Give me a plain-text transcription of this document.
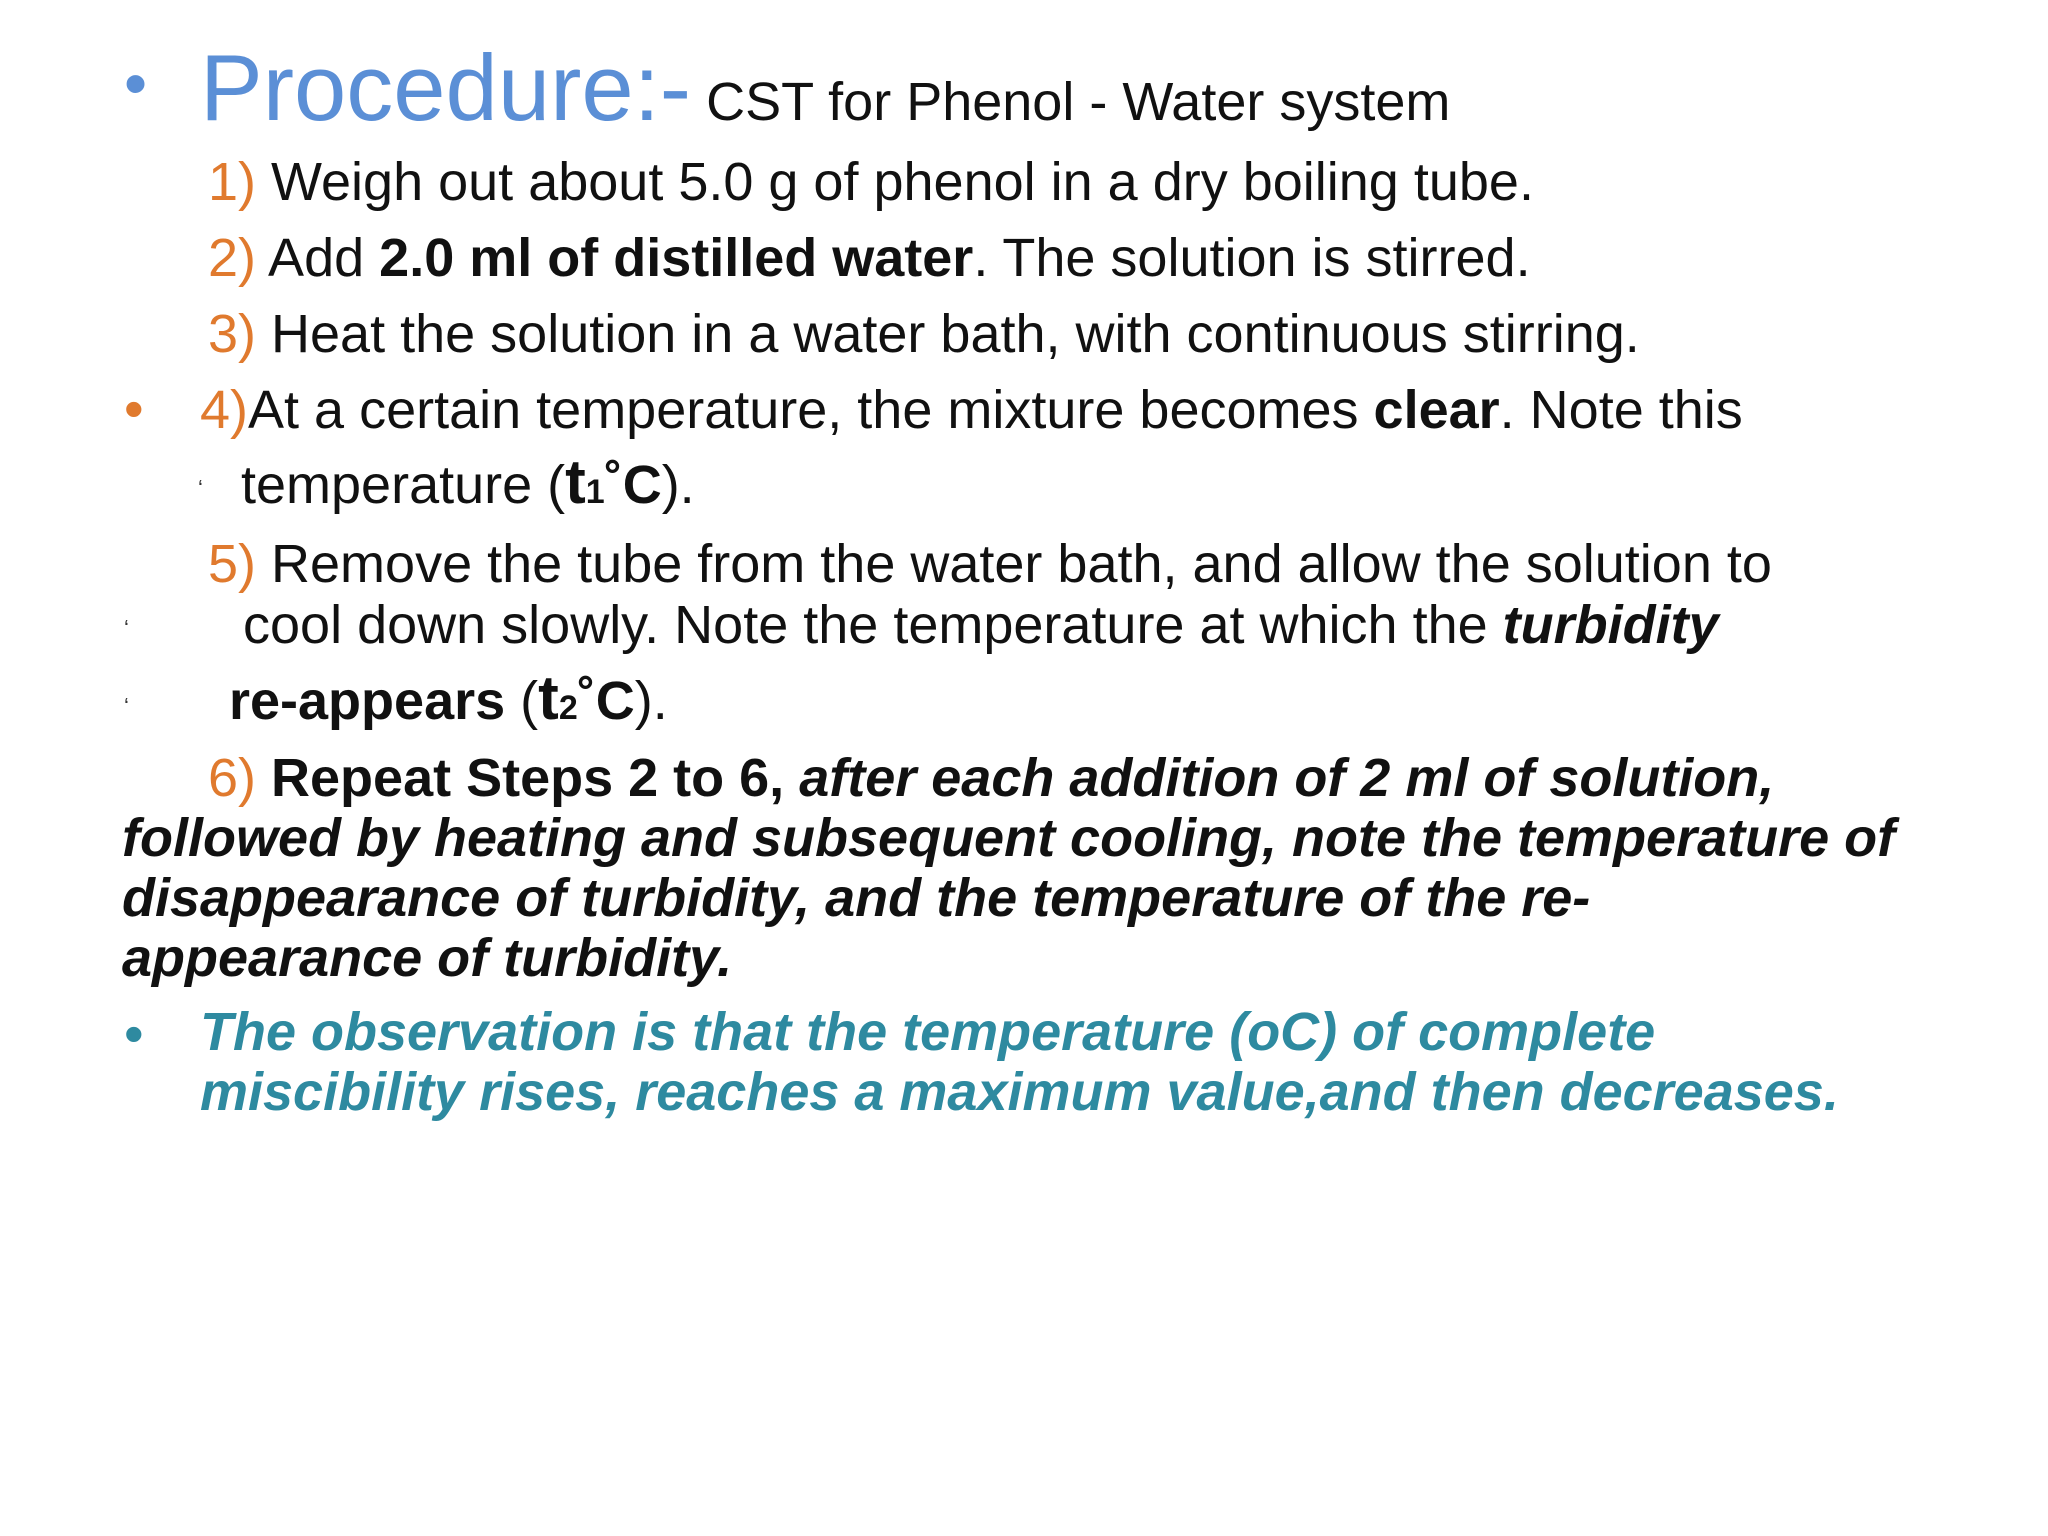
• Procedure:- CST for Phenol - Water system
1) Weigh out about 5.0 g of phenol in a dry boiling tube.
2) Add 2.0 ml of distilled water. The solution is stirred.
3) Heat the solution in a water bath, with continuous stirring.
• 4)At a certain temperature, the mixture becomes clear. Note this
ʻ temperature (t1˚C).
5) Remove the tube from the water bath, and allow the solution to
ʻ cool down slowly. Note the temperature at which the turbidity
ʻ re-appears (t2˚C).
6) Repeat Steps 2 to 6, after each addition of 2 ml of solution,
followed by heating and subsequent cooling, note the temperature of
disappearance of turbidity, and the temperature of the re-
appearance of turbidity.
• The observation is that the temperature (oC) of complete
miscibility rises, reaches a maximum value,and then decreases.
